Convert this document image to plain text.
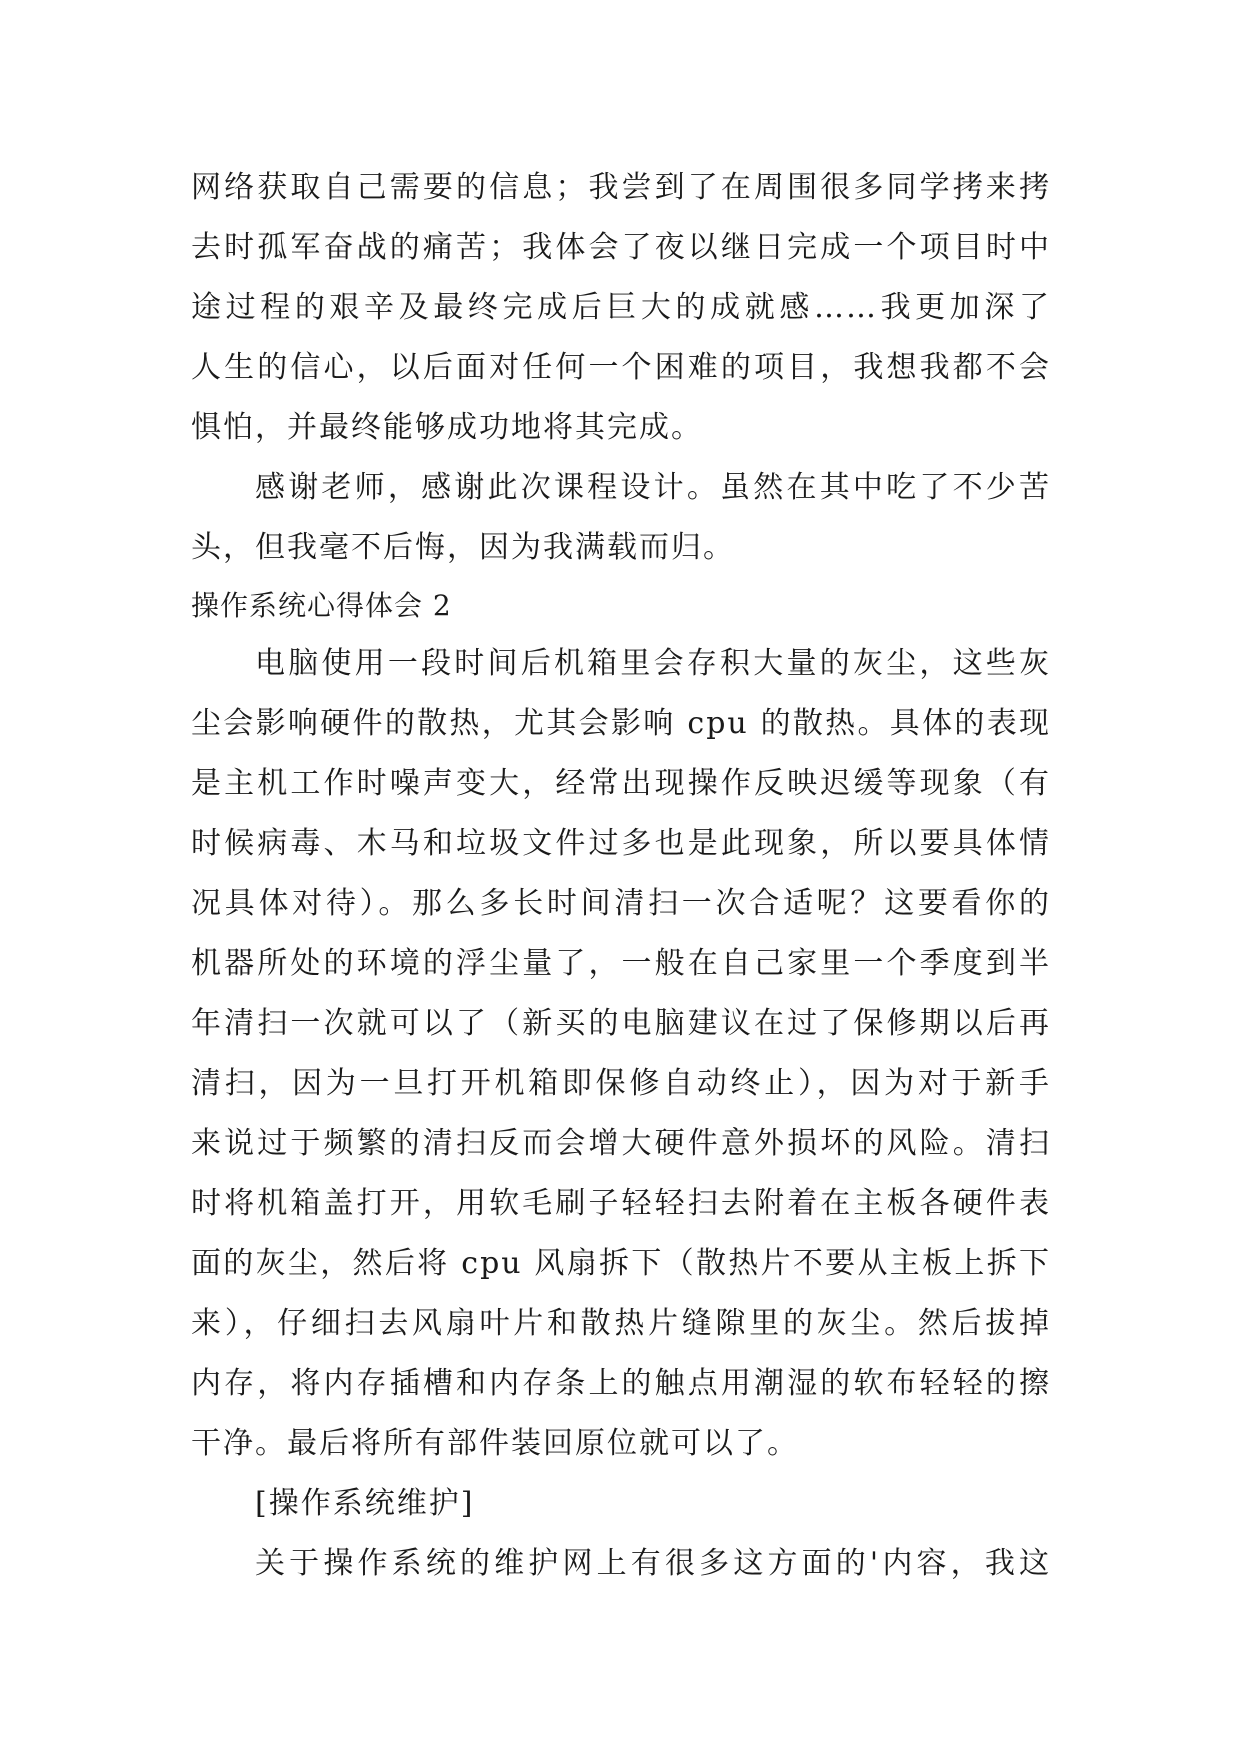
网络获取自己需要的信息；我尝到了在周围很多同学拷来拷
去时孤军奋战的痛苦；我体会了夜以继日完成一个项目时中
途过程的艰辛及最终完成后巨大的成就感……我更加深了
人生的信心，以后面对任何一个困难的项目，我想我都不会
惧怕，并最终能够成功地将其完成。
感谢老师，感谢此次课程设计。虽然在其中吃了不少苦
头，但我毫不后悔，因为我满载而归。
操作系统心得体会 2
电脑使用一段时间后机箱里会存积大量的灰尘，这些灰
尘会影响硬件的散热，尤其会影响 cpu 的散热。具体的表现
是主机工作时噪声变大，经常出现操作反映迟缓等现象（有
时候病毒、木马和垃圾文件过多也是此现象，所以要具体情
况具体对待）。那么多长时间清扫一次合适呢？这要看你的
机器所处的环境的浮尘量了，一般在自己家里一个季度到半
年清扫一次就可以了（新买的电脑建议在过了保修期以后再
清扫，因为一旦打开机箱即保修自动终止），因为对于新手
来说过于频繁的清扫反而会增大硬件意外损坏的风险。清扫
时将机箱盖打开，用软毛刷子轻轻扫去附着在主板各硬件表
面的灰尘，然后将 cpu 风扇拆下（散热片不要从主板上拆下
来），仔细扫去风扇叶片和散热片缝隙里的灰尘。然后拔掉
内存，将内存插槽和内存条上的触点用潮湿的软布轻轻的擦
干净。最后将所有部件装回原位就可以了。
[操作系统维护]
关于操作系统的维护网上有很多这方面的'内容，我这
